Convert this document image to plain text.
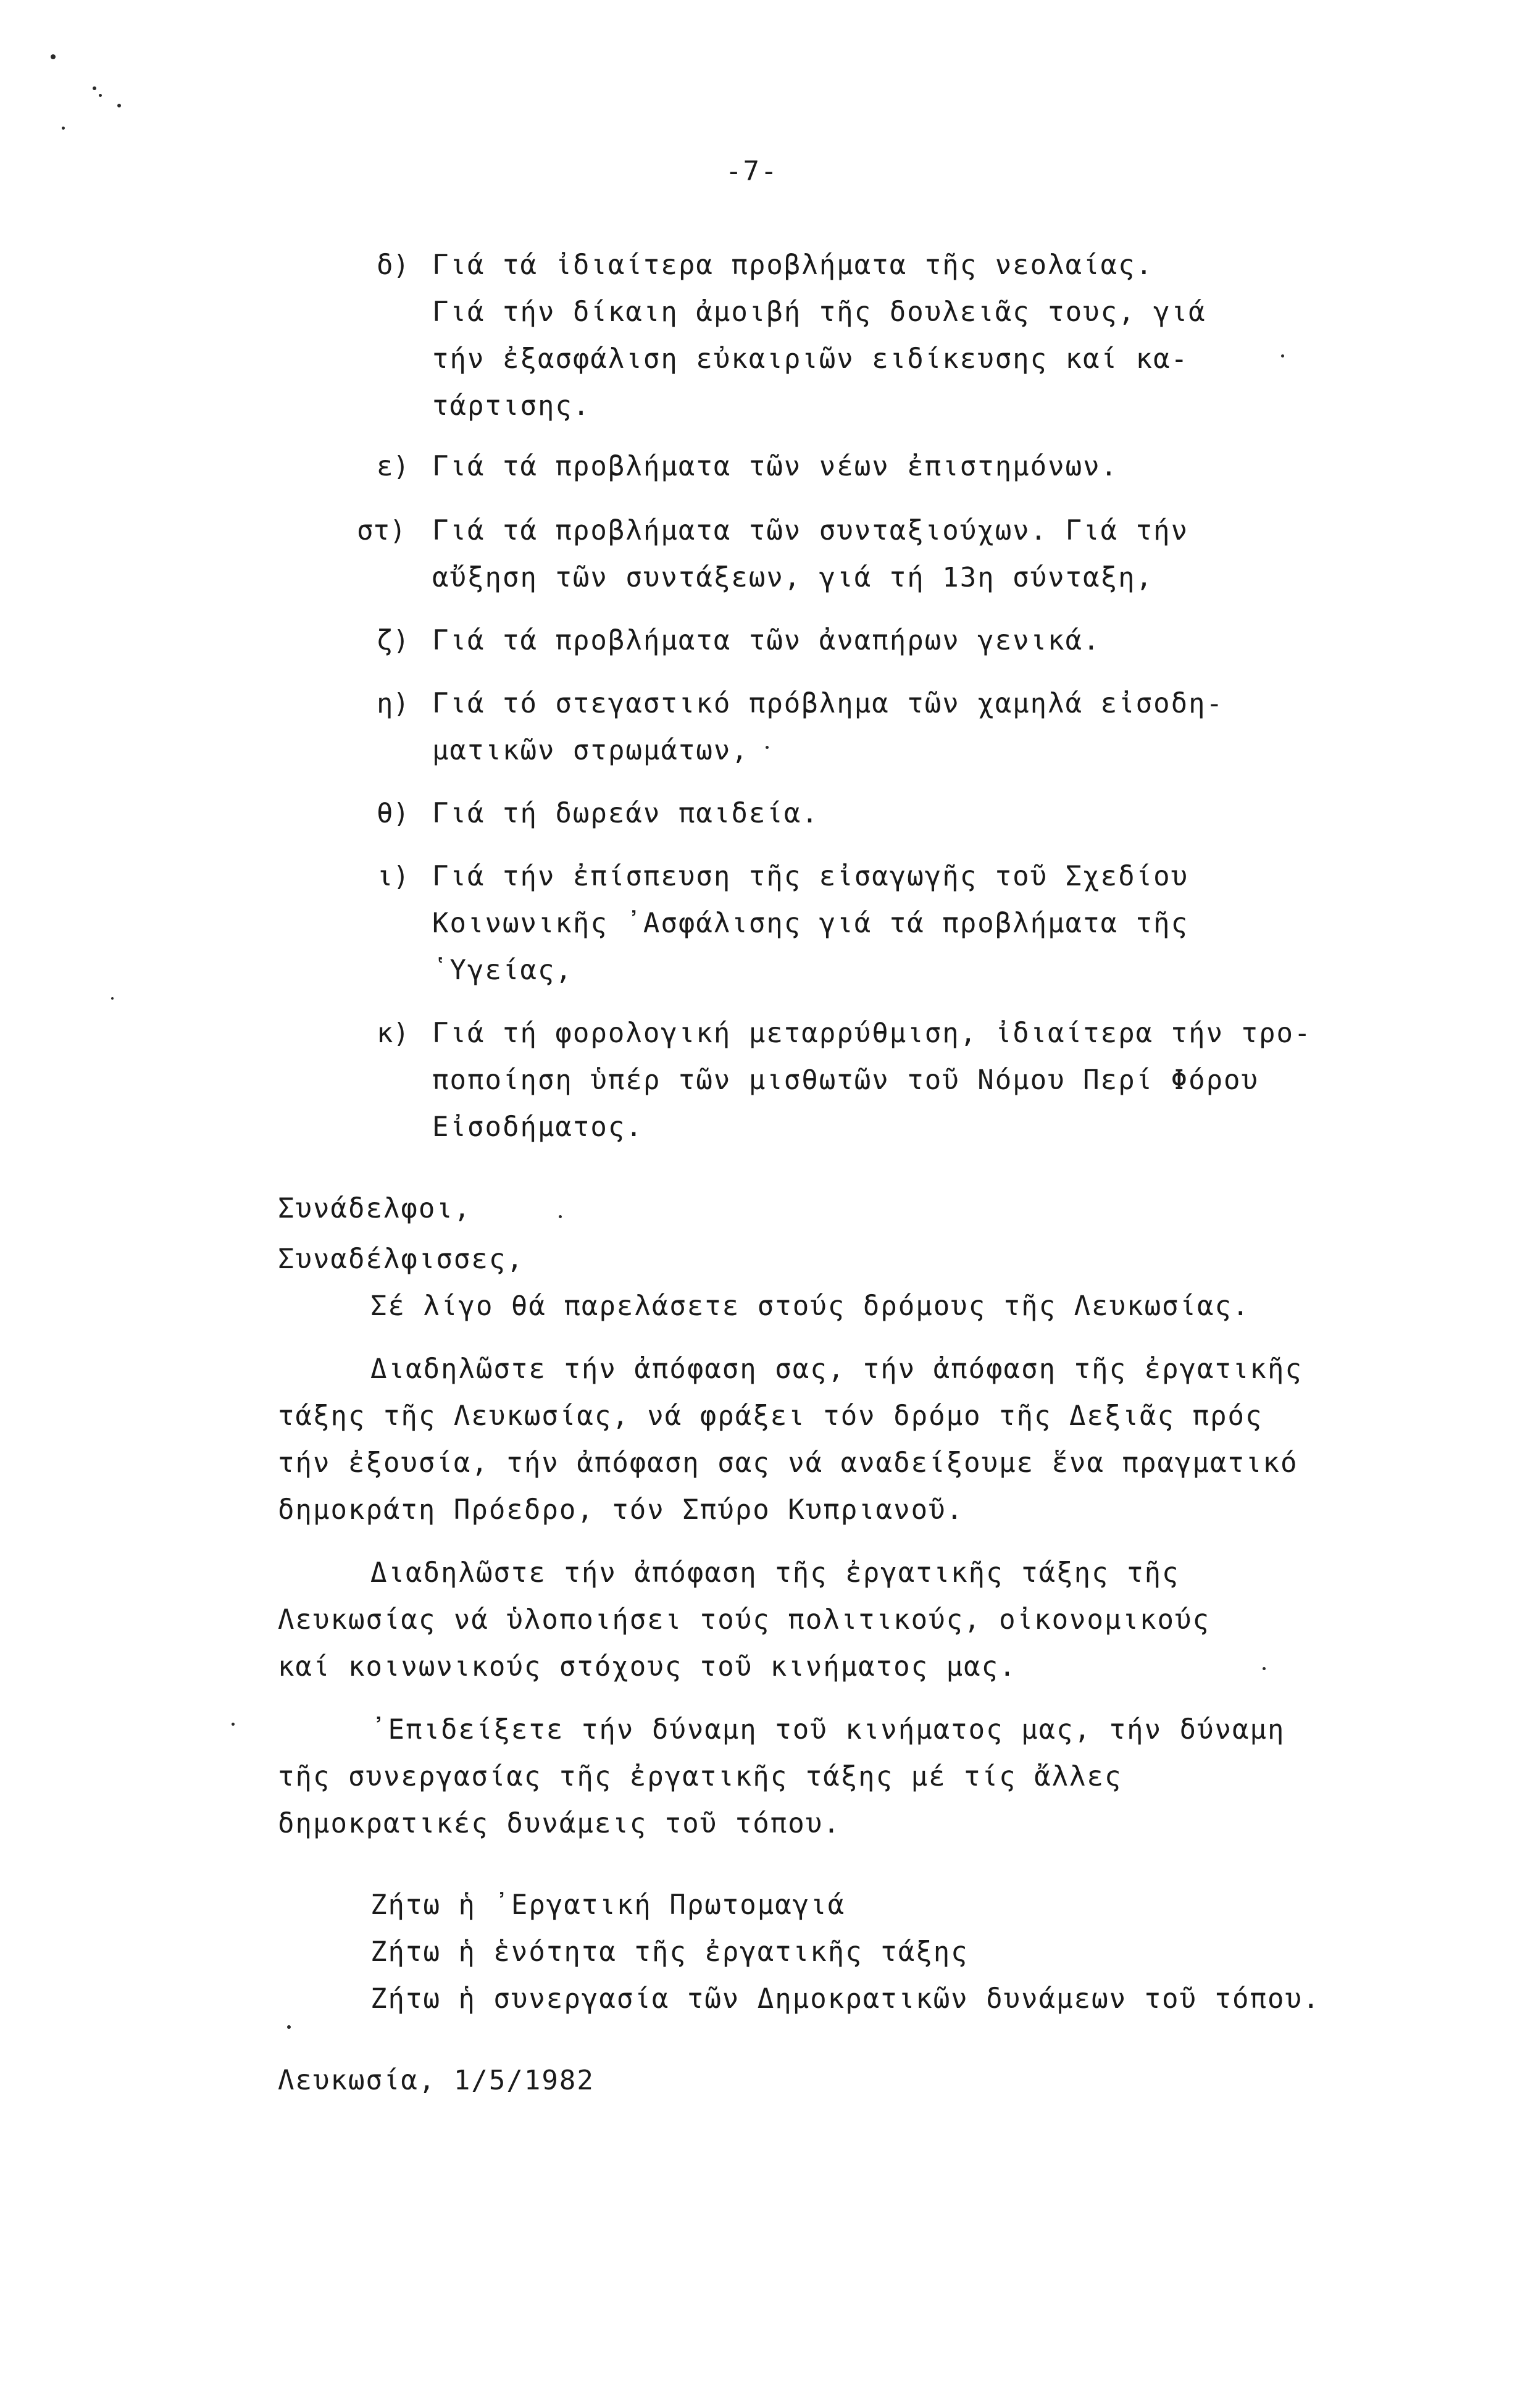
-7-
δ) Γιά τά ἰδιαίτερα προβλήματα τῆς νεολαίας.
Γιά τήν δίκαιη ἀμοιβή τῆς δουλειᾶς τους, γιά
τήν ἐξασφάλιση εὐκαιριῶν ειδίκευσης καί κα-
τάρτισης.
ε) Γιά τά προβλήματα τῶν νέων ἐπιστημόνων.
στ) Γιά τά προβλήματα τῶν συνταξιούχων. Γιά τήν
αὔξηση τῶν συντάξεων, γιά τή 13η σύνταξη,
ζ) Γιά τά προβλήματα τῶν ἀναπήρων γενικά.
η) Γιά τό στεγαστικό πρόβλημα τῶν χαμηλά εἰσοδη-
ματικῶν στρωμάτων,
θ) Γιά τή δωρεάν παιδεία.
ι) Γιά τήν ἐπίσπευση τῆς εἰσαγωγῆς τοῦ Σχεδίου
Κοινωνικῆς ᾿Ασφάλισης γιά τά προβλήματα τῆς
῾Υγείας,
κ) Γιά τή φορολογική μεταρρύθμιση, ἰδιαίτερα τήν τρο-
ποποίηση ὑπέρ τῶν μισθωτῶν τοῦ Νόμου Περί Φόρου
Εἰσοδήματος.
Συνάδελφοι,
Συναδέλφισσες,
Σέ λίγο θά παρελάσετε στούς δρόμους τῆς Λευκωσίας.
Διαδηλῶστε τήν ἀπόφαση σας, τήν ἀπόφαση τῆς ἐργατικῆς
τάξης τῆς Λευκωσίας, νά φράξει τόν δρόμο τῆς Δεξιᾶς πρός
τήν ἐξουσία, τήν ἀπόφαση σας νά αναδείξουμε ἕνα πραγματικό
δημοκράτη Πρόεδρο, τόν Σπύρο Κυπριανοῦ.
Διαδηλῶστε τήν ἀπόφαση τῆς ἐργατικῆς τάξης τῆς
Λευκωσίας νά ὑλοποιήσει τούς πολιτικούς, οἰκονομικούς
καί κοινωνικούς στόχους τοῦ κινήματος μας.
᾿Επιδείξετε τήν δύναμη τοῦ κινήματος μας, τήν δύναμη
τῆς συνεργασίας τῆς ἐργατικῆς τάξης μέ τίς ἄλλες
δημοκρατικές δυνάμεις τοῦ τόπου.
Ζήτω ἡ ᾿Εργατική Πρωτομαγιά
Ζήτω ἡ ἑνότητα τῆς ἐργατικῆς τάξης
Ζήτω ἡ συνεργασία τῶν Δημοκρατικῶν δυνάμεων τοῦ τόπου.
Λευκωσία, 1/5/1982
